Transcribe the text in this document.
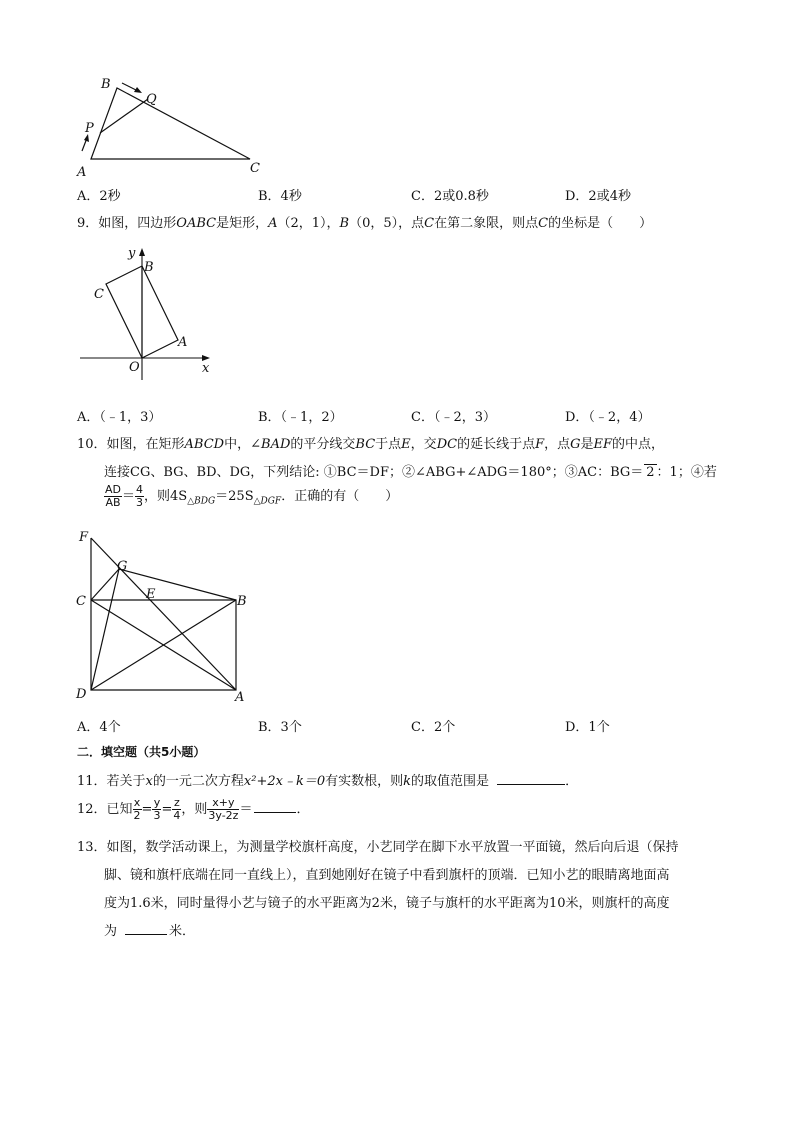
B
Q
P
A	C
A．2秒	B．4秒	C．2或0.8秒	D．2或4秒
9．如图，四边形OABC是矩形，A（2，1），B（0，5），点C在第二象限，则点C的坐标是（　　）
y
B
C
A
O	x
A．（﹣1，3）	B．（﹣1，2）	C．（﹣2，3）	D．（﹣2，4）
10．如图，在矩形ABCD中，∠BAD的平分线交BC于点E，交DC的延长线于点F，点G是EF的中点，
连接CG、BG、BD、DG，下列结论: ①BC＝DF；②∠ABG+∠ADG＝180°；③AC：BG＝ 2 ：1；④若
$\frac{AD}{AB} = \frac{4}{3}$ ，则$4S_{\triangle BDG}=25S_{\triangle DGF}$．正确的有（　　）
F
G
E
C	B
D	A
A．4个	B．3个	C．2个	D．1个
二．填空题（共5小题）
11．若关于x的一元二次方程x²+2x﹣k＝0有实数根，则k的取值范围是	．
12．已知 $\frac{x}{2} = \frac{y}{3} = \frac{z}{4}$ ，则 $\frac{x+y}{3y-2z}$ ＝	．
13．如图，数学活动课上，为测量学校旗杆高度，小艺同学在脚下水平放置一平面镜，然后向后退（保持
脚、镜和旗杆底端在同一直线上），直到她刚好在镜子中看到旗杆的顶端．已知小艺的眼睛离地面高
度为1.6米，同时量得小艺与镜子的水平距离为2米，镜子与旗杆的水平距离为10米，则旗杆的高度
为	米．
